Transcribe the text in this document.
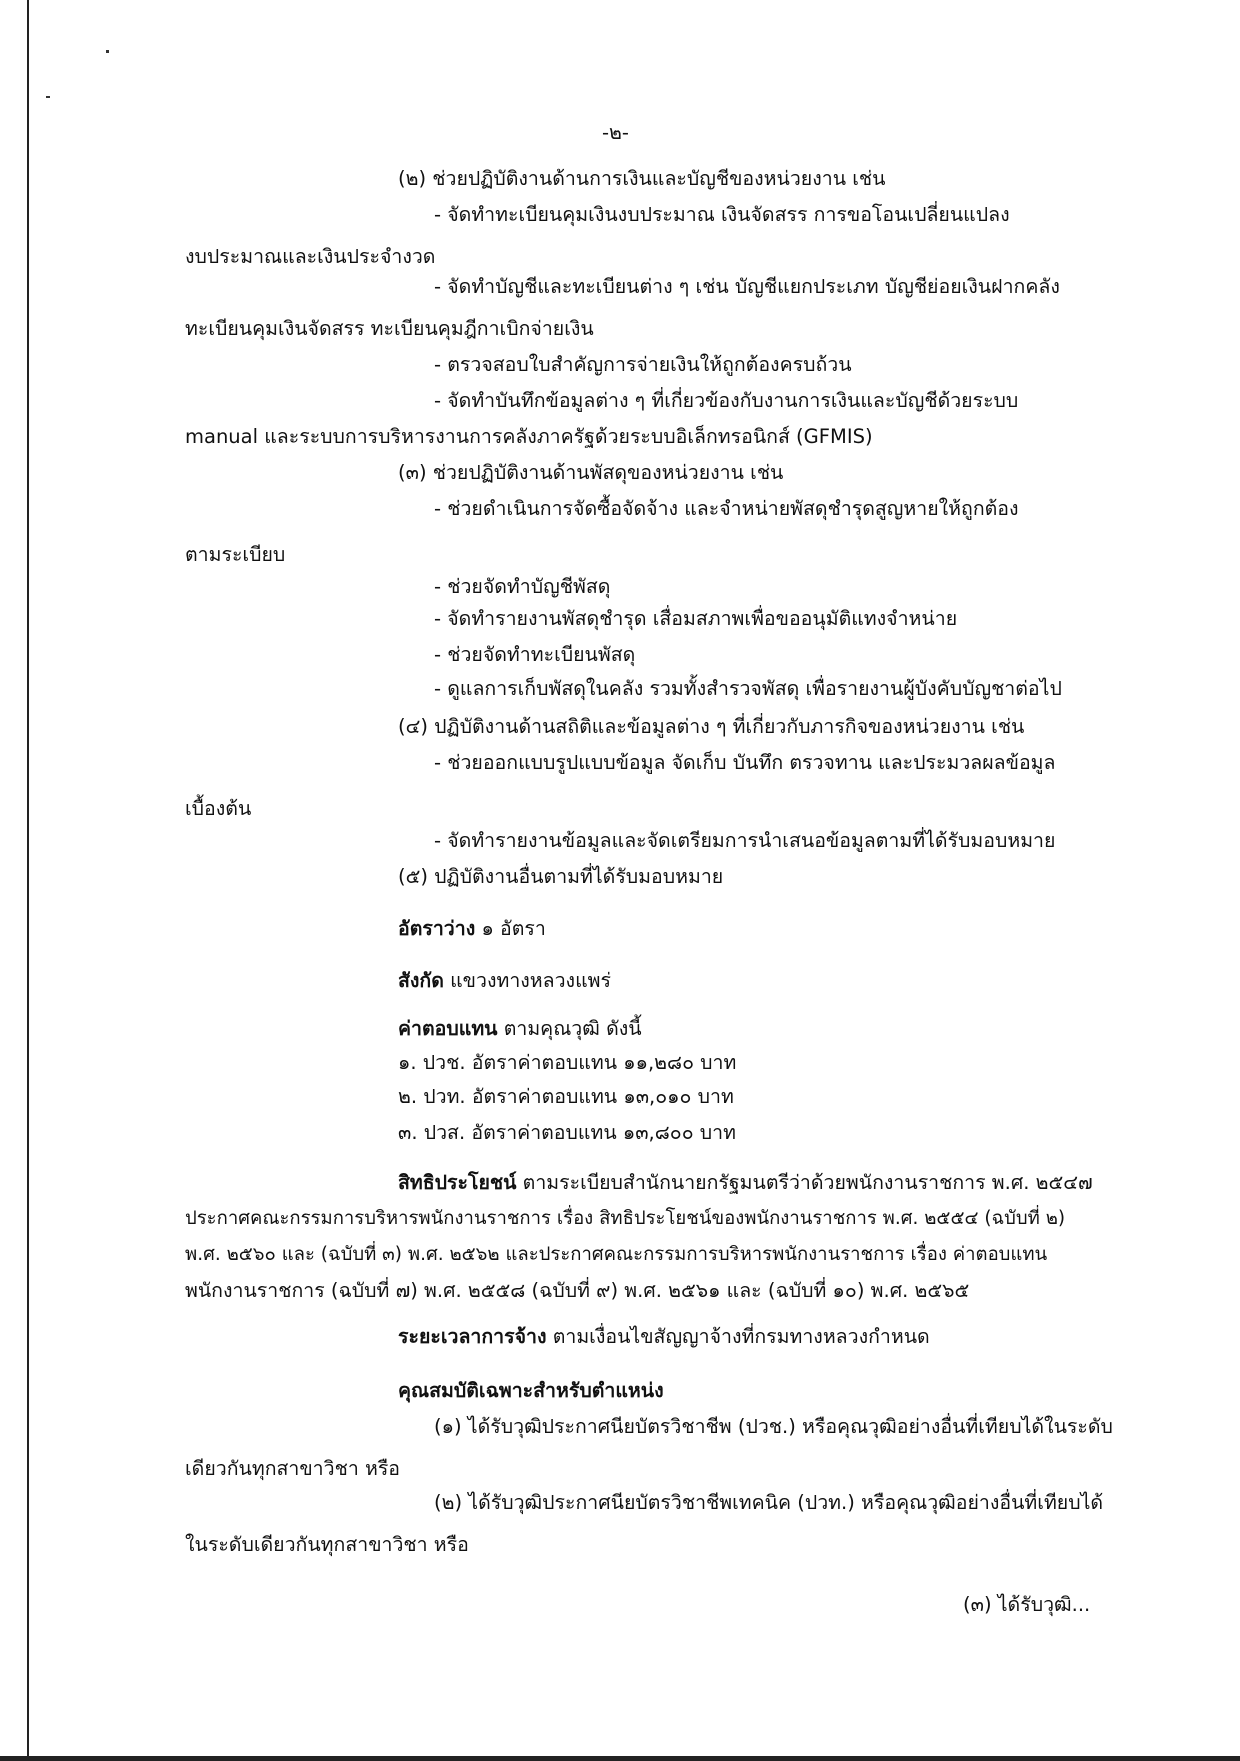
-๒-
(๒) ช่วยปฏิบัติงานด้านการเงินและบัญชีของหน่วยงาน เช่น
- จัดทำทะเบียนคุมเงินงบประมาณ เงินจัดสรร การขอโอนเปลี่ยนแปลง
งบประมาณและเงินประจำงวด
- จัดทำบัญชีและทะเบียนต่าง ๆ เช่น บัญชีแยกประเภท บัญชีย่อยเงินฝากคลัง
ทะเบียนคุมเงินจัดสรร ทะเบียนคุมฎีกาเบิกจ่ายเงิน
- ตรวจสอบใบสำคัญการจ่ายเงินให้ถูกต้องครบถ้วน
- จัดทำบันทึกข้อมูลต่าง ๆ ที่เกี่ยวข้องกับงานการเงินและบัญชีด้วยระบบ
manual และระบบการบริหารงานการคลังภาครัฐด้วยระบบอิเล็กทรอนิกส์ (GFMIS)
(๓) ช่วยปฏิบัติงานด้านพัสดุของหน่วยงาน เช่น
- ช่วยดำเนินการจัดซื้อจัดจ้าง และจำหน่ายพัสดุชำรุดสูญหายให้ถูกต้อง
ตามระเบียบ
- ช่วยจัดทำบัญชีพัสดุ
- จัดทำรายงานพัสดุชำรุด เสื่อมสภาพเพื่อขออนุมัติแทงจำหน่าย
- ช่วยจัดทำทะเบียนพัสดุ
- ดูแลการเก็บพัสดุในคลัง รวมทั้งสำรวจพัสดุ เพื่อรายงานผู้บังคับบัญชาต่อไป
(๔) ปฏิบัติงานด้านสถิติและข้อมูลต่าง ๆ ที่เกี่ยวกับภารกิจของหน่วยงาน เช่น
- ช่วยออกแบบรูปแบบข้อมูล จัดเก็บ บันทึก ตรวจทาน และประมวลผลข้อมูล
เบื้องต้น
- จัดทำรายงานข้อมูลและจัดเตรียมการนำเสนอข้อมูลตามที่ได้รับมอบหมาย
(๕) ปฏิบัติงานอื่นตามที่ได้รับมอบหมาย
อัตราว่าง ๑ อัตรา
สังกัด แขวงทางหลวงแพร่
ค่าตอบแทน ตามคุณวุฒิ ดังนี้
๑. ปวช. อัตราค่าตอบแทน ๑๑,๒๘๐ บาท
๒. ปวท. อัตราค่าตอบแทน ๑๓,๐๑๐ บาท
๓. ปวส. อัตราค่าตอบแทน ๑๓,๘๐๐ บาท
สิทธิประโยชน์ ตามระเบียบสำนักนายกรัฐมนตรีว่าด้วยพนักงานราชการ พ.ศ. ๒๕๔๗
ประกาศคณะกรรมการบริหารพนักงานราชการ เรื่อง สิทธิประโยชน์ของพนักงานราชการ พ.ศ. ๒๕๕๔ (ฉบับที่ ๒)
พ.ศ. ๒๕๖๐ และ (ฉบับที่ ๓) พ.ศ. ๒๕๖๒ และประกาศคณะกรรมการบริหารพนักงานราชการ เรื่อง ค่าตอบแทน
พนักงานราชการ (ฉบับที่ ๗) พ.ศ. ๒๕๕๘ (ฉบับที่ ๙) พ.ศ. ๒๕๖๑ และ (ฉบับที่ ๑๐) พ.ศ. ๒๕๖๕
ระยะเวลาการจ้าง ตามเงื่อนไขสัญญาจ้างที่กรมทางหลวงกำหนด
คุณสมบัติเฉพาะสำหรับตำแหน่ง
(๑) ได้รับวุฒิประกาศนียบัตรวิชาชีพ (ปวช.) หรือคุณวุฒิอย่างอื่นที่เทียบได้ในระดับ
เดียวกันทุกสาขาวิชา หรือ
(๒) ได้รับวุฒิประกาศนียบัตรวิชาชีพเทคนิค (ปวท.) หรือคุณวุฒิอย่างอื่นที่เทียบได้
ในระดับเดียวกันทุกสาขาวิชา หรือ
(๓) ได้รับวุฒิ...
